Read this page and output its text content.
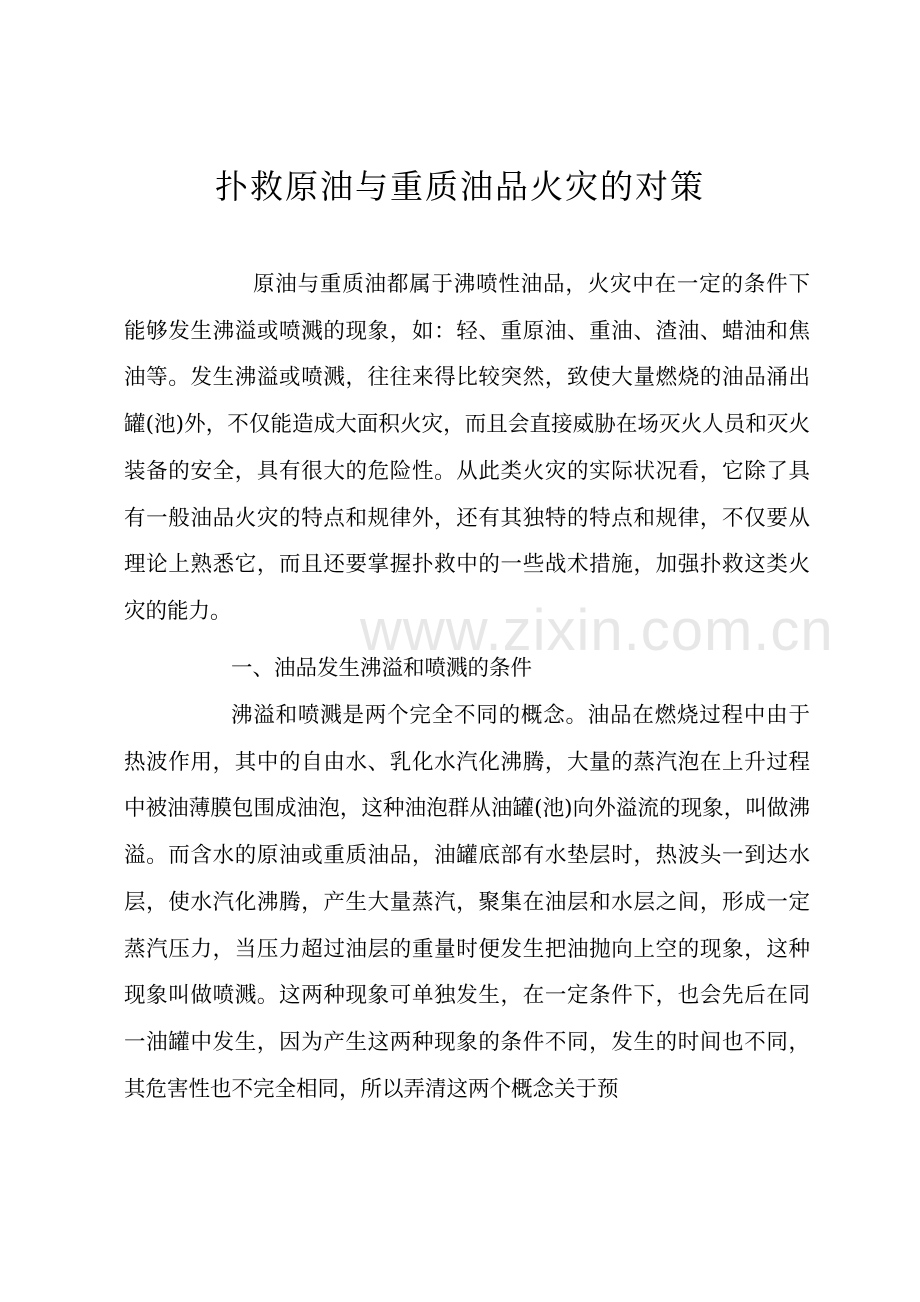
扑救原油与重质油品火灾的对策

原油与重质油都属于沸喷性油品，火灾中在一定的条件下能够发生沸溢或喷溅的现象，如：轻、重原油、重油、渣油、蜡油和焦油等。发生沸溢或喷溅，往往来得比较突然，致使大量燃烧的油品涌出罐(池)外，不仅能造成大面积火灾，而且会直接威胁在场灭火人员和灭火装备的安全，具有很大的危险性。从此类火灾的实际状况看，它除了具有一般油品火灾的特点和规律外，还有其独特的特点和规律，不仅要从理论上熟悉它，而且还要掌握扑救中的一些战术措施，加强扑救这类火灾的能力。

一、油品发生沸溢和喷溅的条件

沸溢和喷溅是两个完全不同的概念。油品在燃烧过程中由于热波作用，其中的自由水、乳化水汽化沸腾，大量的蒸汽泡在上升过程中被油薄膜包围成油泡，这种油泡群从油罐(池)向外溢流的现象，叫做沸溢。而含水的原油或重质油品，油罐底部有水垫层时，热波头一到达水层，使水汽化沸腾，产生大量蒸汽，聚集在油层和水层之间，形成一定蒸汽压力，当压力超过油层的重量时便发生把油抛向上空的现象，这种现象叫做喷溅。这两种现象可单独发生，在一定条件下，也会先后在同一油罐中发生，因为产生这两种现象的条件不同，发生的时间也不同，其危害性也不完全相同，所以弄清这两个概念关于预

www.zixin.com.cn
